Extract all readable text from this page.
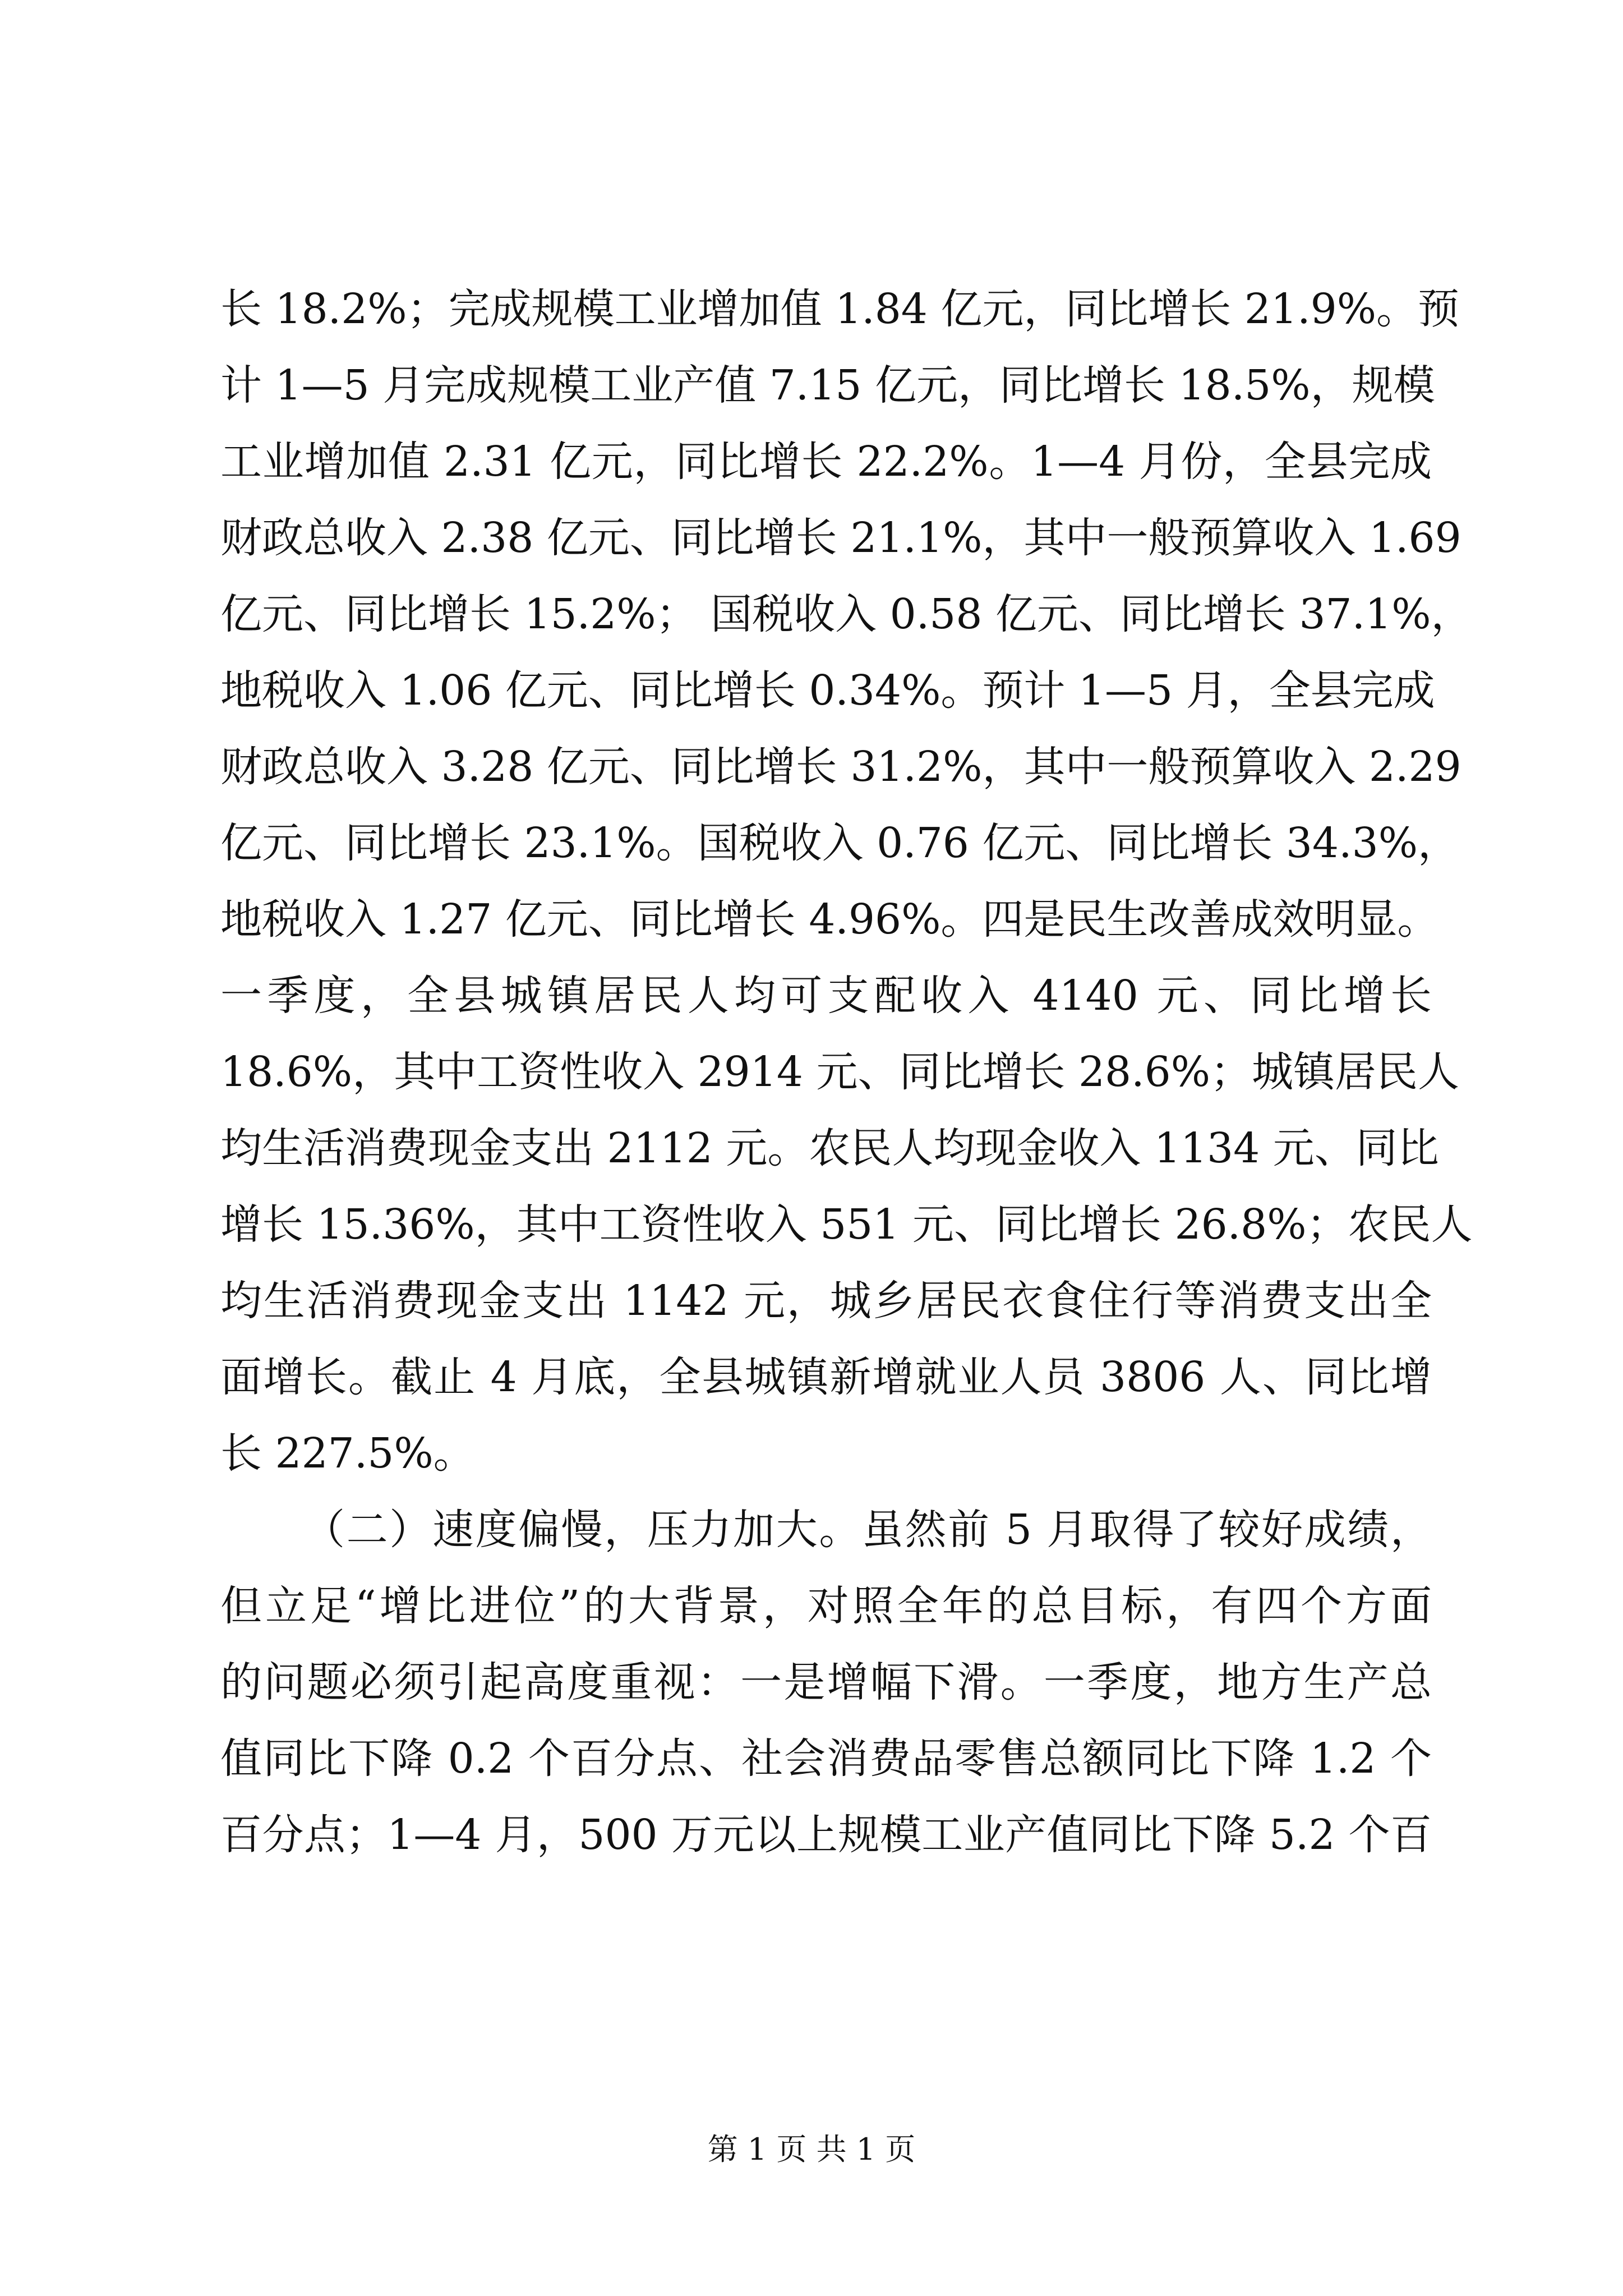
长 18.2%；完成规模工业增加值 1.84 亿元，同比增长 21.9%。预
计 1—5 月完成规模工业产值 7.15 亿元，同比增长 18.5%，规模
工业增加值 2.31 亿元，同比增长 22.2%。1—4 月份，全县完成
财政总收入 2.38 亿元、同比增长 21.1%，其中一般预算收入 1.69
亿元、同比增长 15.2%； 国税收入 0.58 亿元、同比增长 37.1%，
地税收入 1.06 亿元、同比增长 0.34%。预计 1—5 月，全县完成
财政总收入 3.28 亿元、同比增长 31.2%，其中一般预算收入 2.29
亿元、同比增长 23.1%。国税收入 0.76 亿元、同比增长 34.3%，
地税收入 1.27 亿元、同比增长 4.96%。四是民生改善成效明显。
一季度，全县城镇居民人均可支配收入 4140 元、同比增长
18.6%，其中工资性收入 2914 元、同比增长 28.6%；城镇居民人
均生活消费现金支出 2112 元。农民人均现金收入 1134 元、同比
增长 15.36%，其中工资性收入 551 元、同比增长 26.8%；农民人
均生活消费现金支出 1142 元，城乡居民衣食住行等消费支出全
面增长。截止 4 月底，全县城镇新增就业人员 3806 人、同比增
长 227.5%。
（二）速度偏慢，压力加大。虽然前 5 月取得了较好成绩，
但立足“增比进位”的大背景，对照全年的总目标，有四个方面
的问题必须引起高度重视：一是增幅下滑。一季度，地方生产总
值同比下降 0.2 个百分点、社会消费品零售总额同比下降 1.2 个
百分点；1—4 月，500 万元以上规模工业产值同比下降 5.2 个百
第 1 页 共 1 页
